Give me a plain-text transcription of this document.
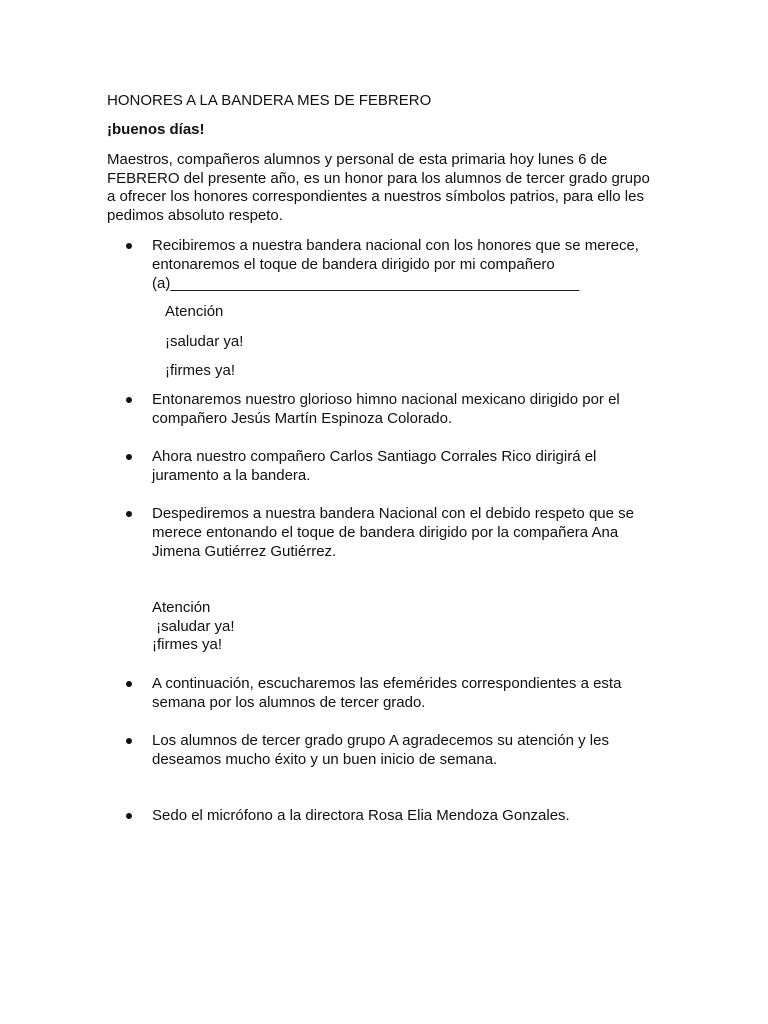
HONORES A LA BANDERA MES DE FEBRERO

¡buenos días!

Maestros, compañeros alumnos y personal de esta primaria hoy lunes 6 de

FEBRERO del presente año, es un honor para los alumnos de tercer grado grupo

a ofrecer los honores correspondientes a nuestros símbolos patrios, para ello les

pedimos absoluto respeto.

Recibiremos a nuestra bandera nacional con los honores que se merece,
entonaremos el toque de bandera dirigido por mi compañero
(a)_________________________________________________

Atención

¡saludar ya!

¡firmes ya!

Entonaremos nuestro glorioso himno nacional mexicano dirigido por el
compañero Jesús Martín Espinoza Colorado.
Ahora nuestro compañero Carlos Santiago Corrales Rico dirigirá el
juramento a la bandera.
Despediremos a nuestra bandera Nacional con el debido respeto que se
merece entonando el toque de bandera dirigido por la compañera Ana
Jimena Gutiérrez Gutiérrez.

Atención

¡saludar ya!

¡firmes ya!

A continuación, escucharemos las efemérides correspondientes a esta
semana por los alumnos de tercer grado.
Los alumnos de tercer grado grupo A agradecemos su atención y les
deseamos mucho éxito y un buen inicio de semana.
Sedo el micrófono a la directora Rosa Elia Mendoza Gonzales.
